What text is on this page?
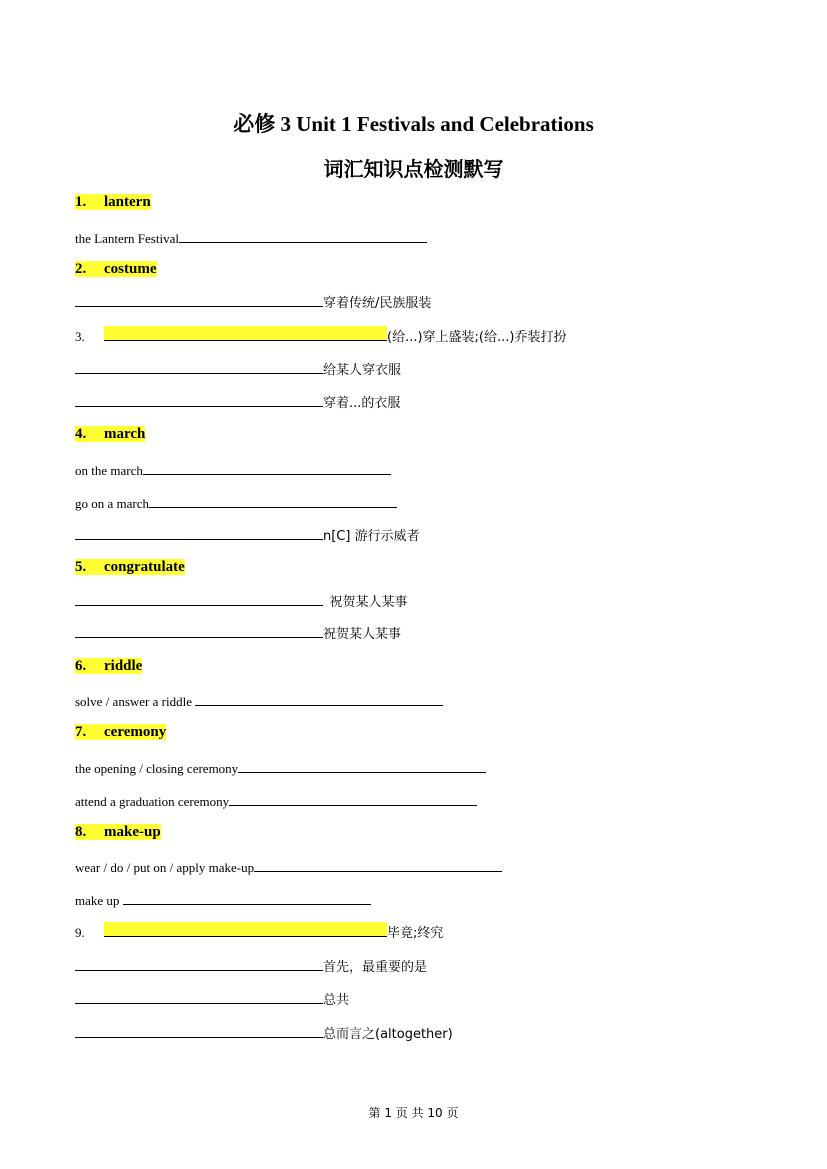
必修 3 Unit 1 Festivals and Celebrations
词汇知识点检测默写
1. lantern
the Lantern Festival
2. costume
穿着传统/民族服装
3.	(给...)穿上盛装;(给...)乔装打扮
给某人穿衣服
穿着...的衣服
4. march
on the march
go on a march
n[C] 游行示威者
5. congratulate
祝贺某人某事
祝贺某人某事
6. riddle
solve / answer a riddle
7. ceremony
the opening / closing ceremony
attend a graduation ceremony
8. make-up
wear / do / put on / apply make-up
make up
9.	毕竟;终究
首先，最重要的是
总共
总而言之(altogether)
第 1 页 共 10 页
